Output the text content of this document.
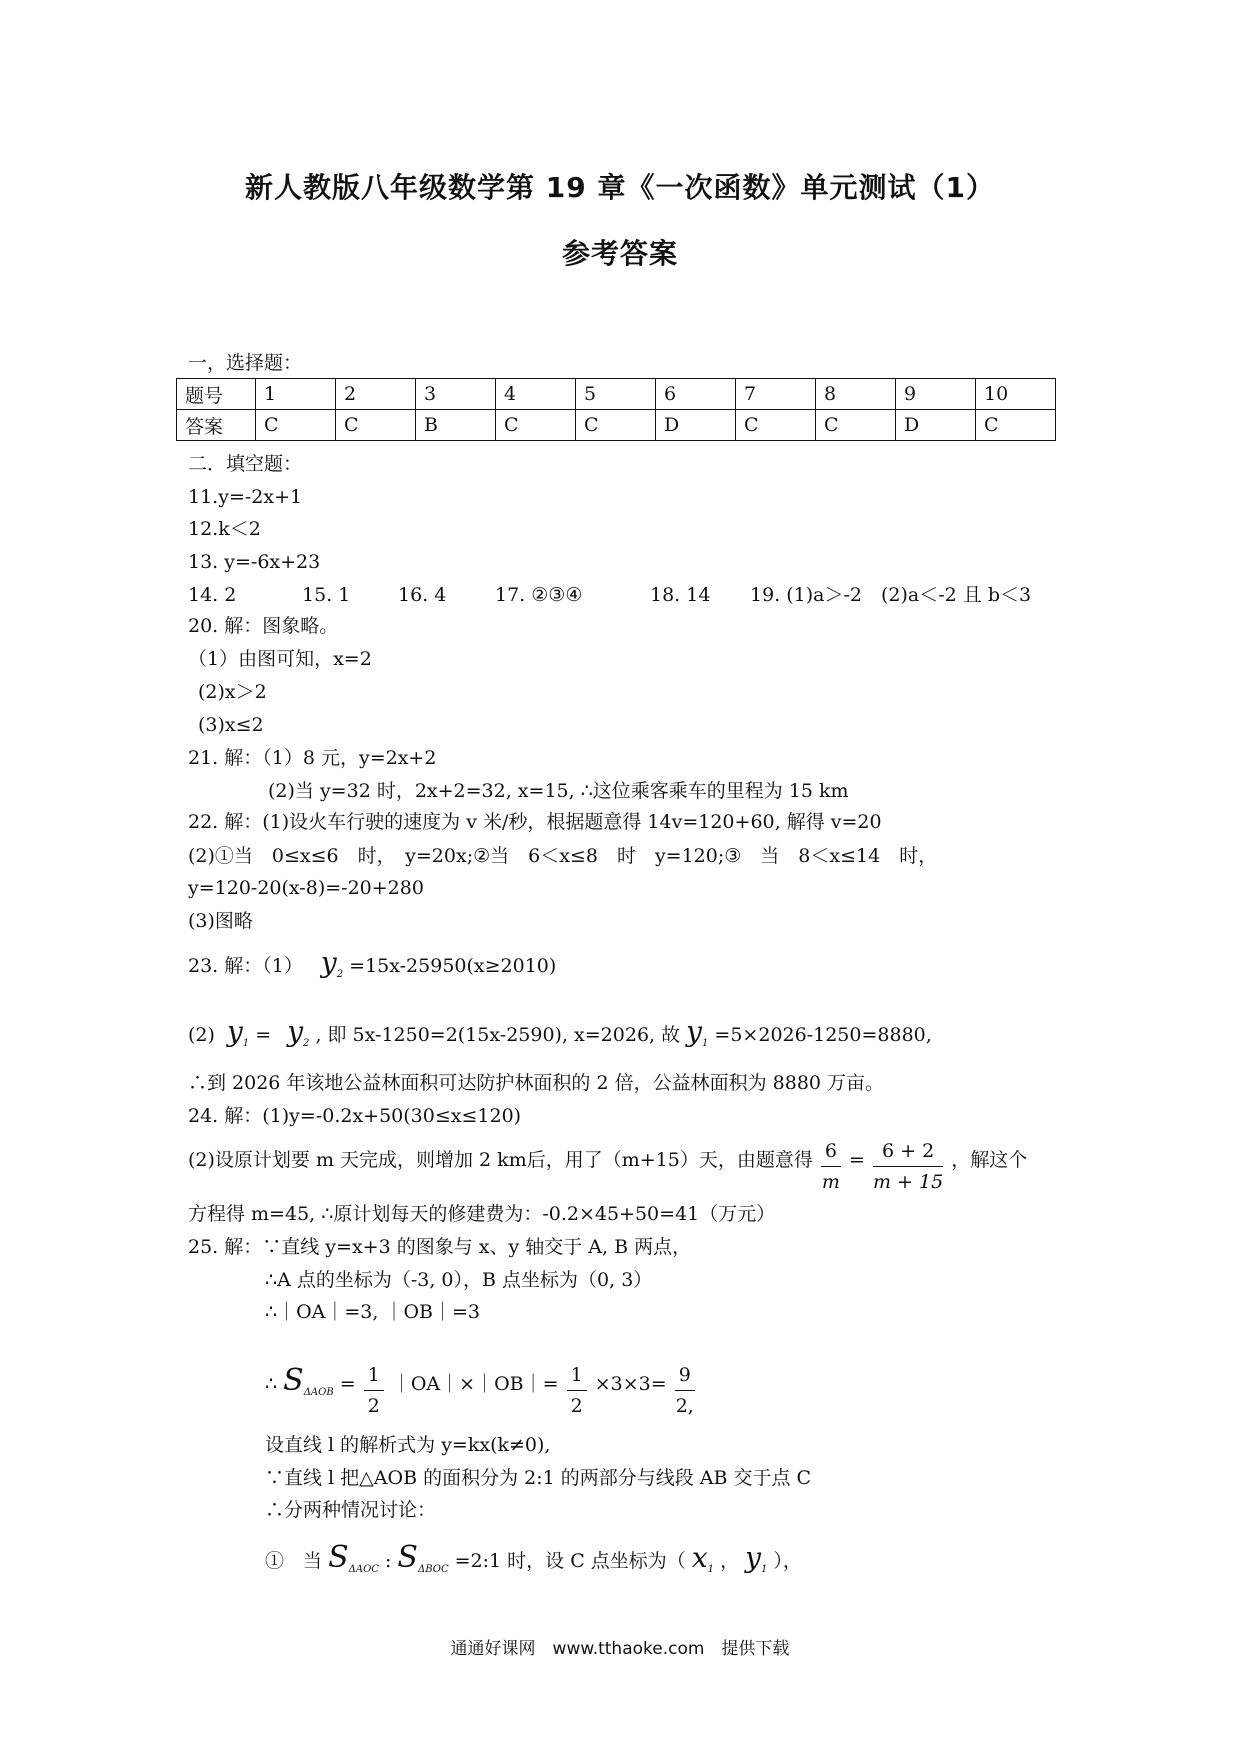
新人教版八年级数学第 19 章《一次函数》单元测试（1）
参考答案
一，选择题：
题号	1	2	3	4	5	6	7	8	9	10
答案	C	C	B	C	C	D	C	C	D	C
二．填空题：
11.y=-2x+1
12.k＜2
13. y=-6x+23
14. 2	15. 1	16. 4	17. ②③④	18. 14 19. (1)a＞-2　(2)a＜-2 且 b＜3
20. 解：图象略。
（1）由图可知，x=2
(2)x＞2
(3)x≤2
21. 解：（1）8 元，y=2x+2
(2)当 y=32 时，2x+2=32, x=15, ∴这位乘客乘车的里程为 15 km
22. 解：(1)设火车行驶的速度为 v 米/秒，根据题意得 14v=120+60, 解得 v=20
(2)①当　0≤x≤6　时，　y=20x;②当　6＜x≤8　时　y=120;③　当　8＜x≤14　时，
y=120-20(x-8)=-20+280
(3)图略
23. 解：（1） $y_2 =15x-25950(x\ge 2010)$
(2) $y_1 = y_2$ , 即 5x-1250=2(15x-2590), x=2026, 故 $y_1 =5\times 2026-1250=8880$,
∴到 2026 年该地公益林面积可达防护林面积的 2 倍，公益林面积为 8880 万亩。
24. 解：(1)y=-0.2x+50(30≤x≤120)
(2)设原计划要 m 天完成，则增加 2 km后，用了（m+15）天，由题意得 $\frac{6}{m} = \frac{6 + 2}{m + 15}$ ，解这个
方程得 m=45, ∴原计划每天的修建费为：-0.2×45+50=41（万元）
25. 解：∵直线 y=x+3 的图象与 x、y 轴交于 A, B 两点，
∴A 点的坐标为（-3, 0），B 点坐标为（0, 3）
∴｜OA｜=3, ｜OB｜=3
∴ $S_{\Delta AOB} = \frac{1}{2}$ ｜OA｜×｜OB｜= $\frac{1}{2} \times 3\times 3= \frac{9}{2,}$
设直线 l 的解析式为 y=kx(k≠0),
∵直线 l 把△AOB 的面积分为 2:1 的两部分与线段 AB 交于点 C
∴分两种情况讨论：
①　当 $S_{\Delta AOC}$ : $S_{\Delta BOC}$ =2:1 时，设 C 点坐标为（ $x_1$ ， $y_1$ ），
通通好课网　www.tthaoke.com　提供下载
